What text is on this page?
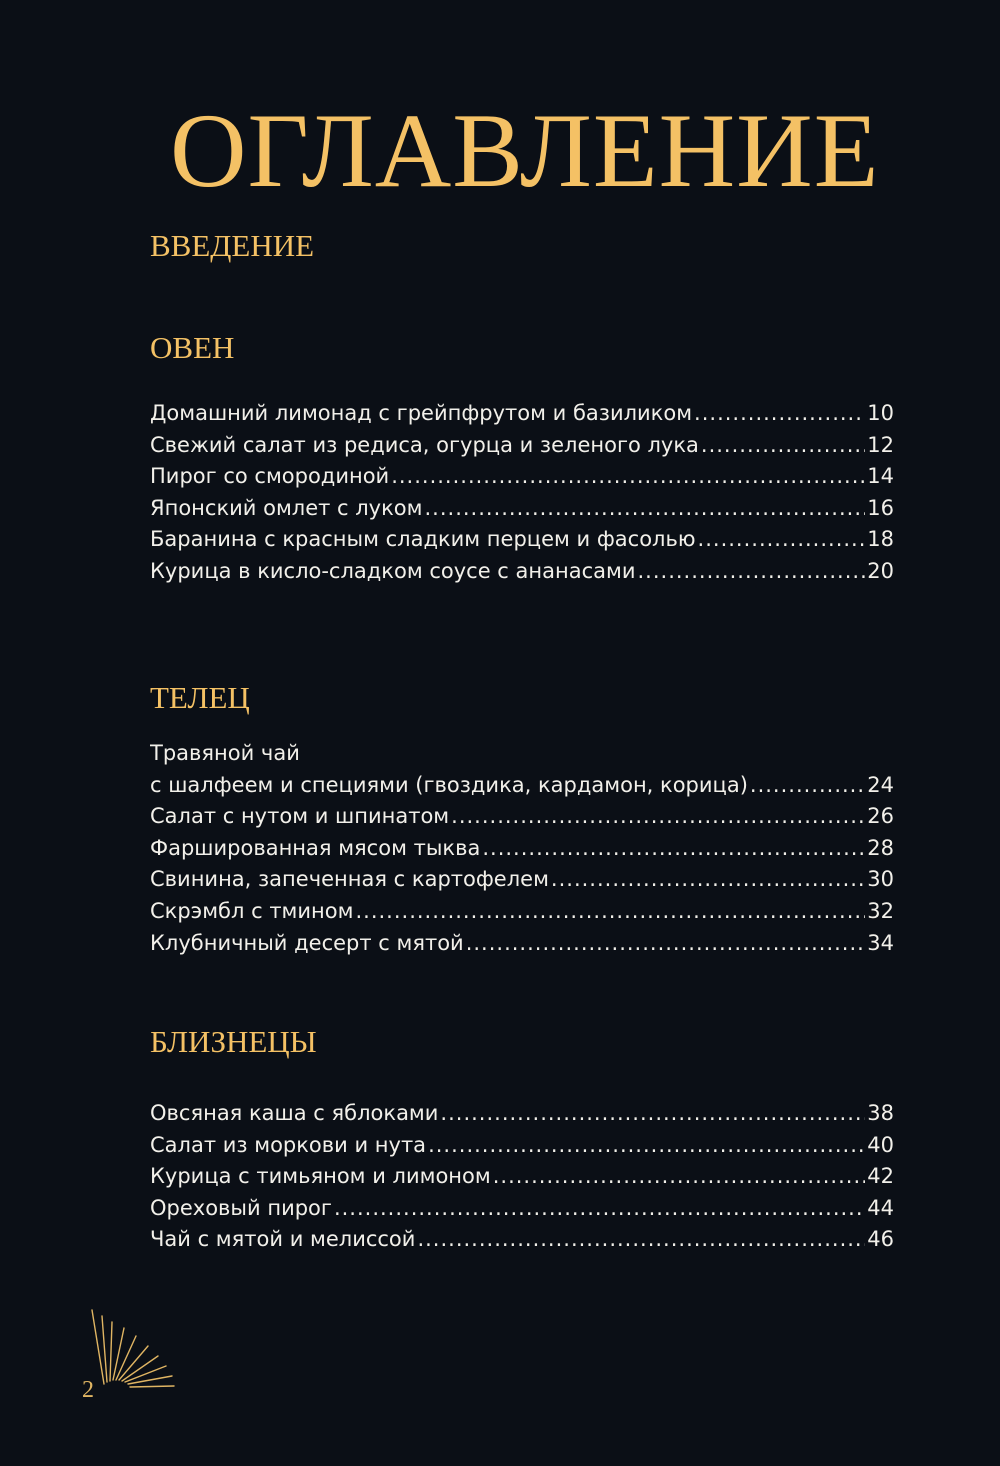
ОГЛАВЛЕНИЕ
ВВЕДЕНИЕ
ОВЕН
Домашний лимонад с грейпфрутом и базиликом .....	10
Свежий салат из редиса, огурца и зеленого лука .....	12
Пирог со смородиной .....	14
Японский омлет с луком .....	16
Баранина с красным сладким перцем и фасолью .....	18
Курица в кисло-сладком соусе с ананасами .....	20
ТЕЛЕЦ
Травяной чай
с шалфеем и специями (гвоздика, кардамон, корица) .....	24
Салат с нутом и шпинатом .....	26
Фаршированная мясом тыква .....	28
Свинина, запеченная с картофелем .....	30
Скрэмбл с тмином .....	32
Клубничный десерт с мятой .....	34
БЛИЗНЕЦЫ
Овсяная каша с яблоками .....	38
Салат из моркови и нута .....	40
Курица с тимьяном и лимоном .....	42
Ореховый пирог .....	44
Чай с мятой и мелиссой .....	46
2
